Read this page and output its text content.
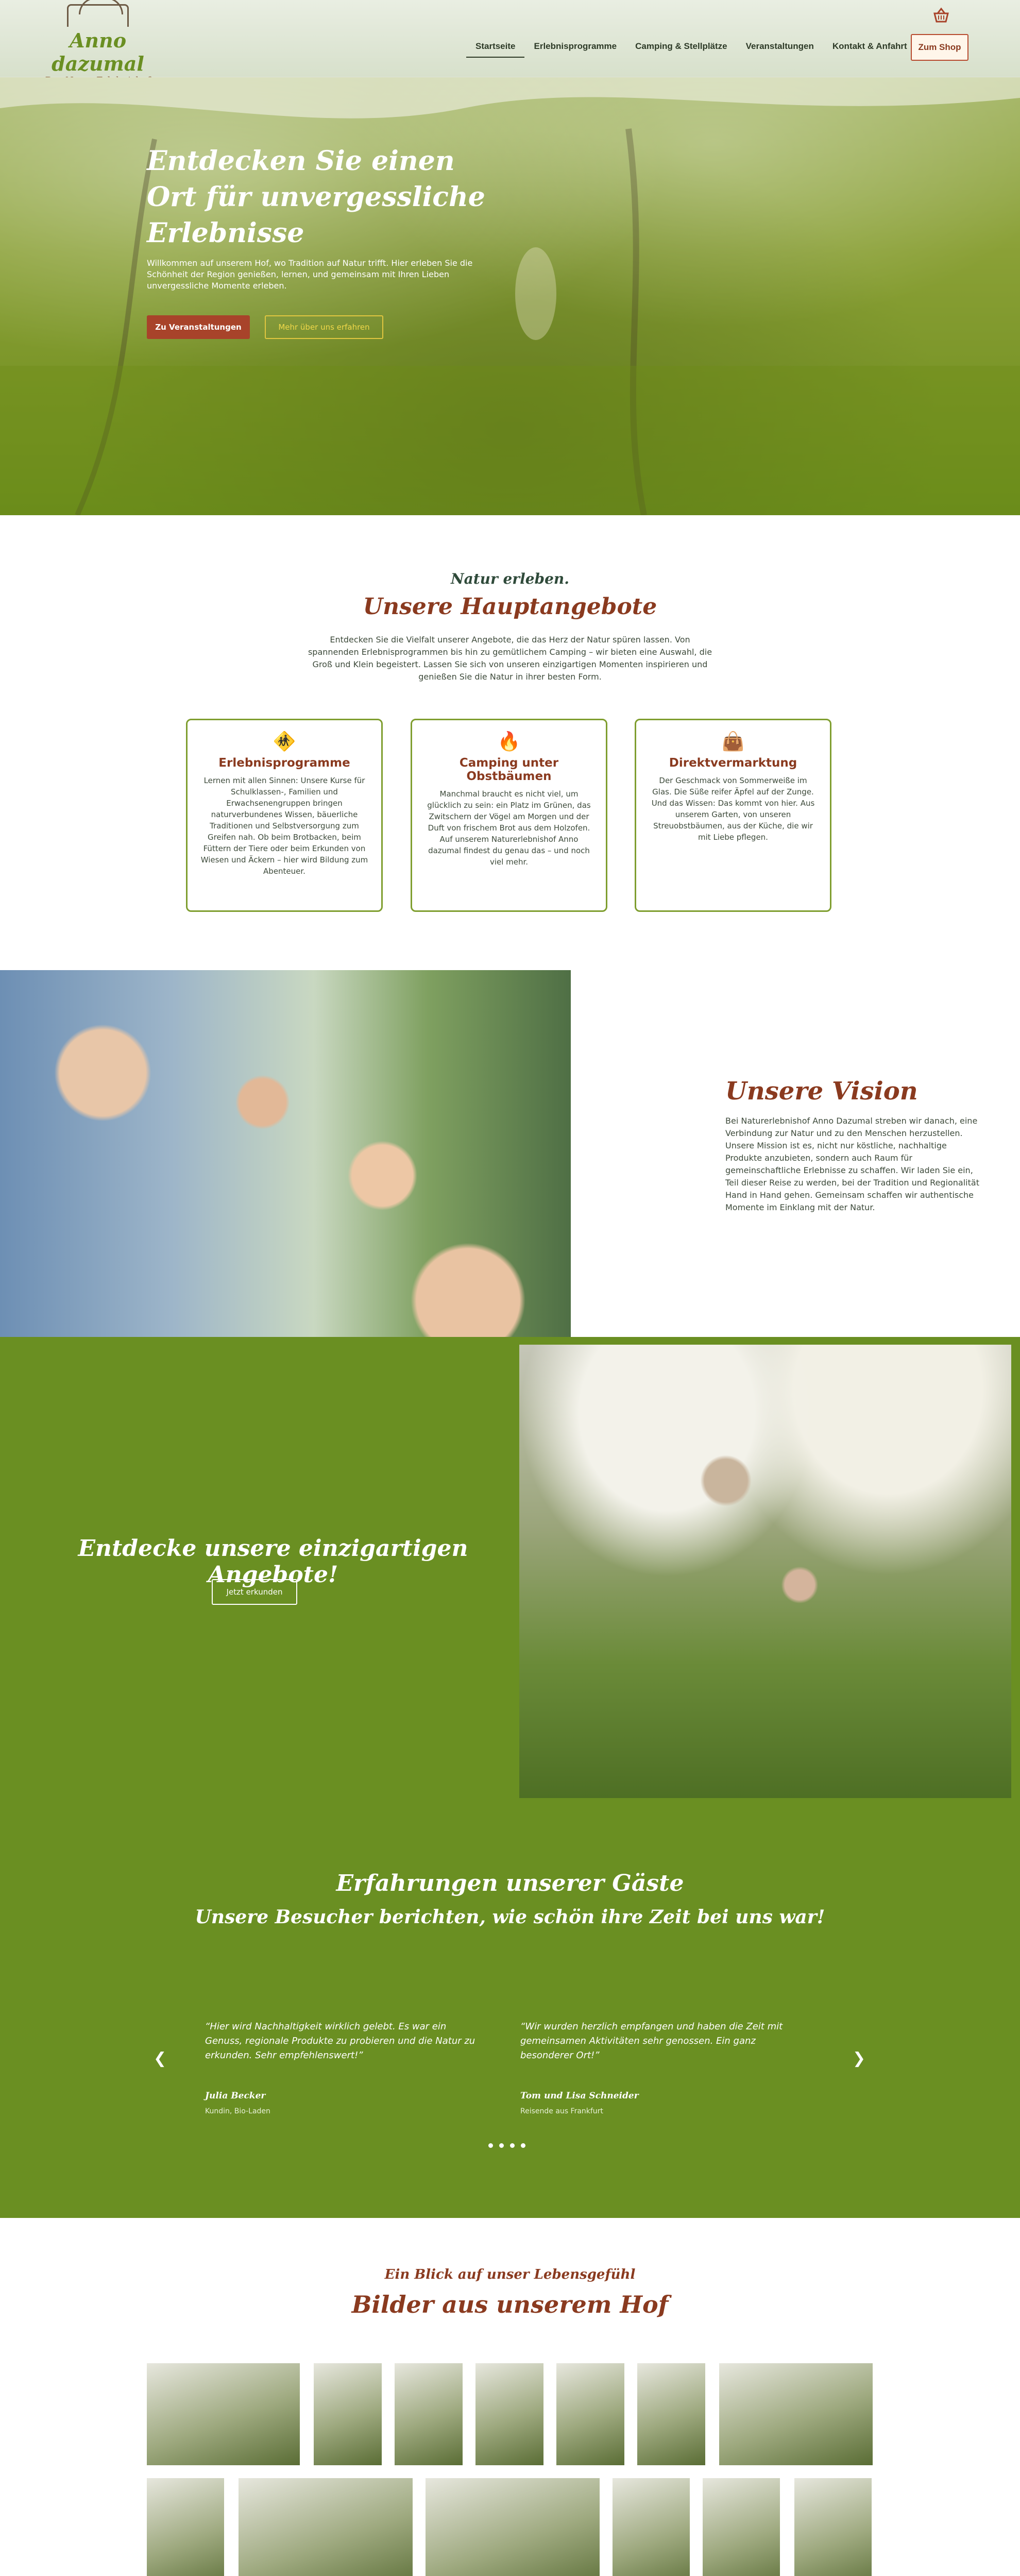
Anno dazumal
Startseite	Erlebnisprogramme	Camping & Stellplätze	Veranstaltungen	Kontakt & Anfahrt	Zum Shop
Entdecken Sie einen Ort für unvergessliche Erlebnisse
Willkommen auf unserem Hof, wo Tradition auf Natur trifft. Hier erleben Sie die Schönheit der Region genießen, lernen, und gemeinsam mit Ihren Lieben unvergessliche Momente erleben.
Zu Veranstaltungen	Mehr über uns erfahren
Natur erleben.
Unsere Hauptangebote
Entdecken Sie die Vielfalt unserer Angebote, die das Herz der Natur spüren lassen. Von spannenden Erlebnisprogrammen bis hin zu gemütlichem Camping – wir bieten eine Auswahl, die Groß und Klein begeistert. Lassen Sie sich von unseren einzigartigen Momenten inspirieren und genießen Sie die Natur in ihrer besten Form.
🚸
Erlebnisprogramme
Lernen mit allen Sinnen: Unsere Kurse für Schulklassen-, Familien und Erwachsenengruppen bringen naturverbundenes Wissen, bäuerliche Traditionen und Selbstversorgung zum Greifen nah. Ob beim Brotbacken, beim Füttern der Tiere oder beim Erkunden von Wiesen und Äckern – hier wird Bildung zum Abenteuer.
🔥
Camping unter Obstbäumen
Manchmal braucht es nicht viel, um glücklich zu sein: ein Platz im Grünen, das Zwitschern der Vögel am Morgen und der Duft von frischem Brot aus dem Holzofen. Auf unserem Naturerlebnishof Anno dazumal findest du genau das – und noch viel mehr.
👜
Direktvermarktung
Der Geschmack von Sommerweiße im Glas. Die Süße reifer Äpfel auf der Zunge. Und das Wissen: Das kommt von hier. Aus unserem Garten, von unseren Streuobstbäumen, aus der Küche, die wir mit Liebe pflegen.
Unsere Vision
Bei Naturerlebnishof Anno Dazumal streben wir danach, eine Verbindung zur Natur und zu den Menschen herzustellen. Unsere Mission ist es, nicht nur köstliche, nachhaltige Produkte anzubieten, sondern auch Raum für gemeinschaftliche Erlebnisse zu schaffen. Wir laden Sie ein, Teil dieser Reise zu werden, bei der Tradition und Regionalität Hand in Hand gehen. Gemeinsam schaffen wir authentische Momente im Einklang mit der Natur.
Entdecke unsere einzigartigen Angebote!
Jetzt erkunden
Erfahrungen unserer Gäste
Unsere Besucher berichten, wie schön ihre Zeit bei uns war!
❮
“Hier wird Nachhaltigkeit wirklich gelebt. Es war ein Genuss, regionale Produkte zu probieren und die Natur zu erkunden. Sehr empfehlenswert!”
Julia Becker
Kundin, Bio-Laden
“Wir wurden herzlich empfangen und haben die Zeit mit gemeinsamen Aktivitäten sehr genossen. Ein ganz besonderer Ort!”
Tom und Lisa Schneider
Reisende aus Frankfurt
❯
Ein Blick auf unser Lebensgefühl
Bilder aus unserem Hof
